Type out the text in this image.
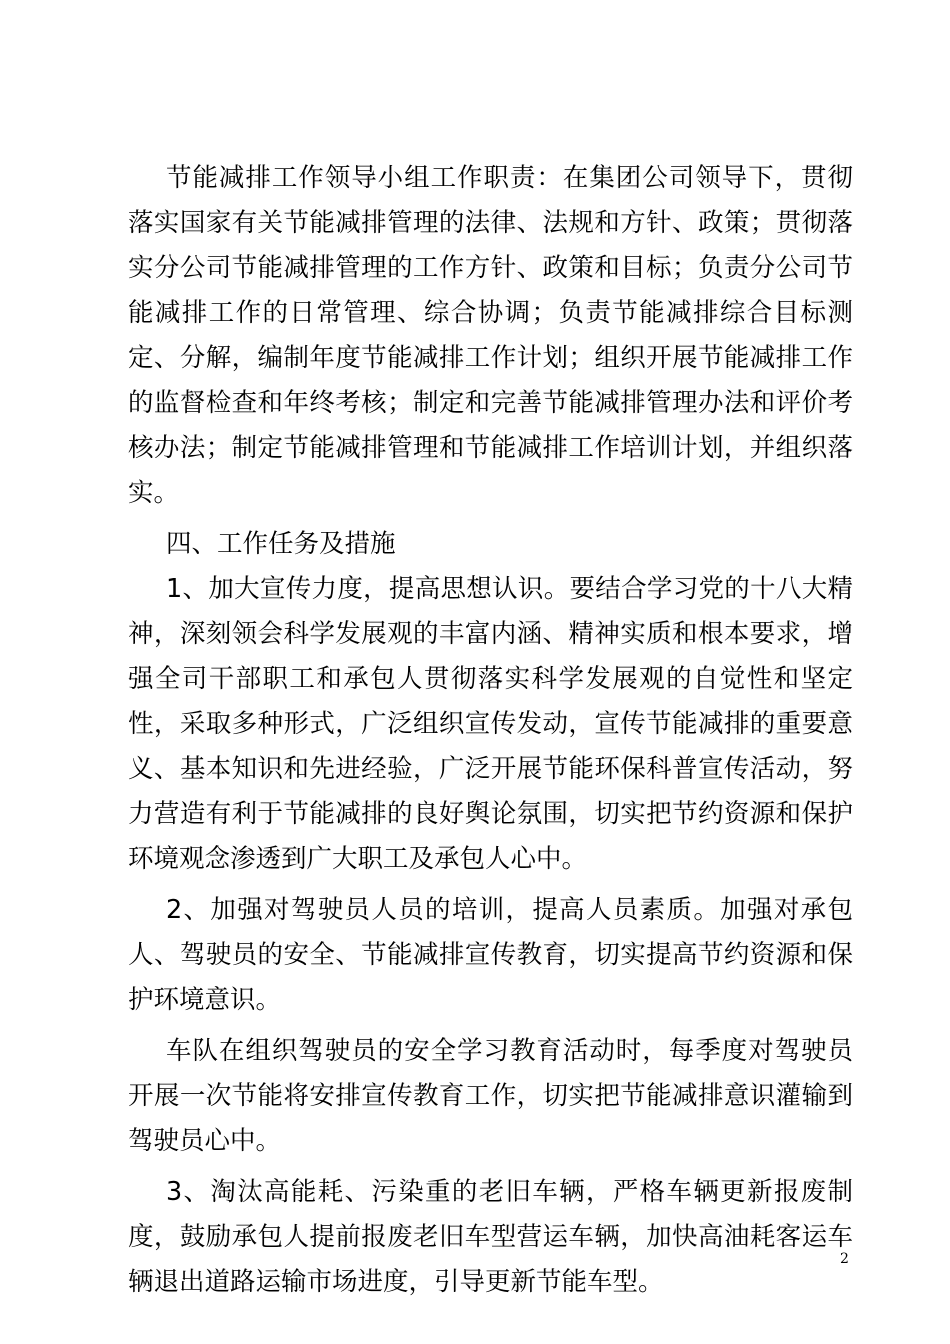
节能减排工作领导小组工作职责：在集团公司领导下，贯彻落实国家有关节能减排管理的法律、法规和方针、政策；贯彻落实分公司节能减排管理的工作方针、政策和目标；负责分公司节能减排工作的日常管理、综合协调；负责节能减排综合目标测定、分解，编制年度节能减排工作计划；组织开展节能减排工作的监督检查和年终考核；制定和完善节能减排管理办法和评价考核办法；制定节能减排管理和节能减排工作培训计划，并组织落实。

四、工作任务及措施

1、加大宣传力度，提高思想认识。要结合学习党的十八大精神，深刻领会科学发展观的丰富内涵、精神实质和根本要求，增强全司干部职工和承包人贯彻落实科学发展观的自觉性和坚定性，采取多种形式，广泛组织宣传发动，宣传节能减排的重要意义、基本知识和先进经验，广泛开展节能环保科普宣传活动，努力营造有利于节能减排的良好舆论氛围，切实把节约资源和保护环境观念渗透到广大职工及承包人心中。

2、加强对驾驶员人员的培训，提高人员素质。加强对承包人、驾驶员的安全、节能减排宣传教育，切实提高节约资源和保护环境意识。

车队在组织驾驶员的安全学习教育活动时，每季度对驾驶员开展一次节能将安排宣传教育工作，切实把节能减排意识灌输到驾驶员心中。

3、淘汰高能耗、污染重的老旧车辆，严格车辆更新报废制度，鼓励承包人提前报废老旧车型营运车辆，加快高油耗客运车辆退出道路运输市场进度，引导更新节能车型。

2
